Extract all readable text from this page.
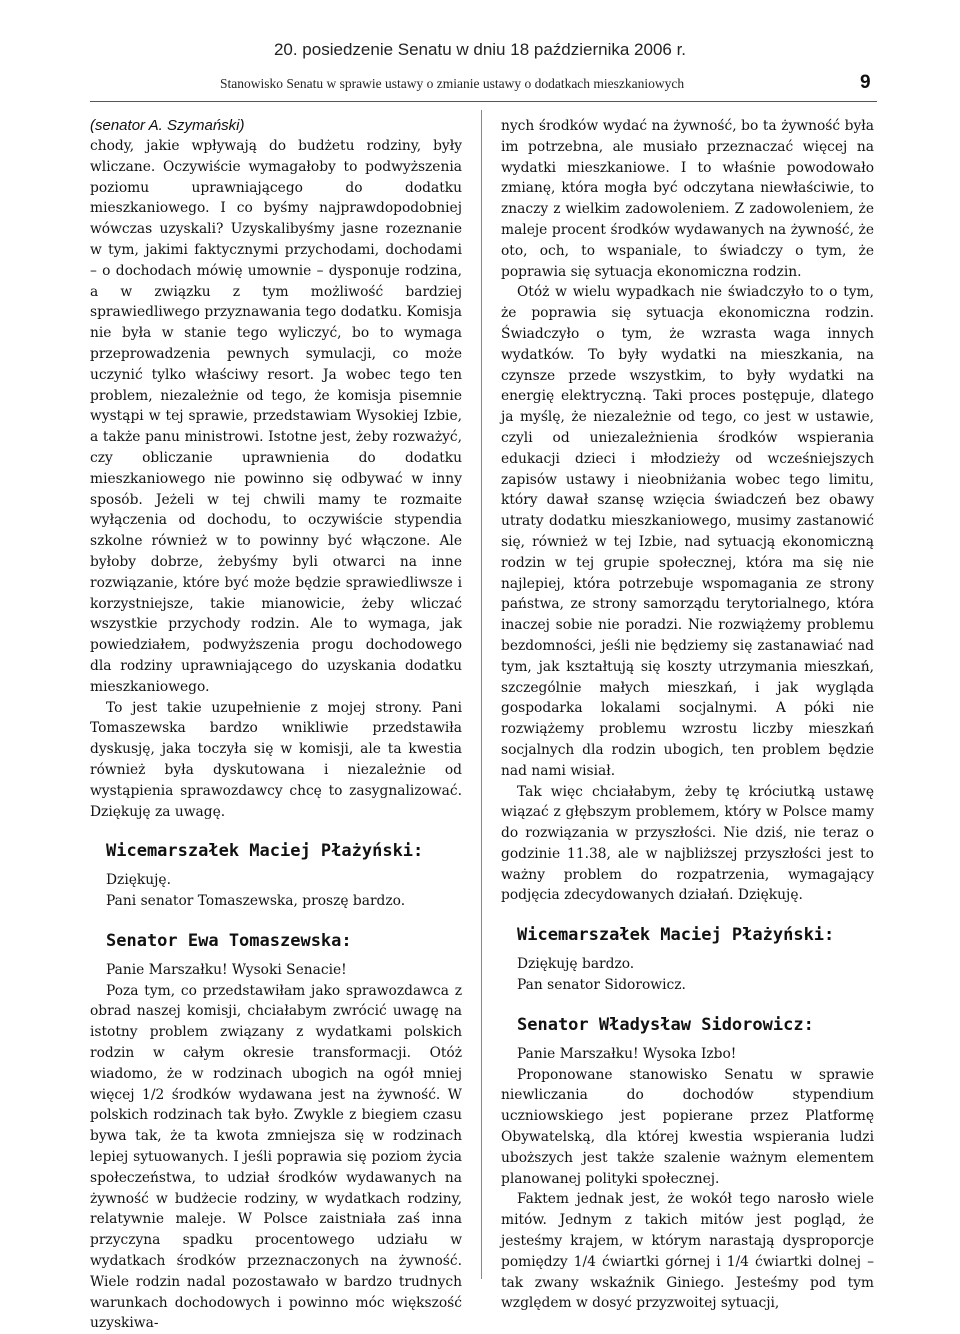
20. posiedzenie Senatu w dniu 18 października 2006 r.
Stanowisko Senatu w sprawie ustawy o zmianie ustawy o dodatkach mieszkaniowych	9

(senator A. Szymański)

chody, jakie wpływają do budżetu rodziny, były wliczane. Oczywiście wymagałoby to podwyższenia poziomu uprawniającego do dodatku mieszkaniowego. I co byśmy najprawdopodobniej wówczas uzyskali? Uzyskalibyśmy jasne rozeznanie w tym, jakimi faktycznymi przychodami, dochodami – o dochodach mówię umownie – dysponuje rodzina, a w związku z tym możliwość bardziej sprawiedliwego przyznawania tego dodatku. Komisja nie była w stanie tego wyliczyć, bo to wymaga przeprowadzenia pewnych symulacji, co może uczynić tylko właściwy resort. Ja wobec tego ten problem, niezależnie od tego, że komisja pisemnie wystąpi w tej sprawie, przedstawiam Wysokiej Izbie, a także panu ministrowi. Istotne jest, żeby rozważyć, czy obliczanie uprawnienia do dodatku mieszkaniowego nie powinno się odbywać w inny sposób. Jeżeli w tej chwili mamy te rozmaite wyłączenia od dochodu, to oczywiście stypendia szkolne również w to powinny być włączone. Ale byłoby dobrze, żebyśmy byli otwarci na inne rozwiązanie, które być może będzie sprawiedliwsze i korzystniejsze, takie mianowicie, żeby wliczać wszystkie przychody rodzin. Ale to wymaga, jak powiedziałem, podwyższenia progu dochodowego dla rodziny uprawniającego do uzyskania dodatku mieszkaniowego.

To jest takie uzupełnienie z mojej strony. Pani Tomaszewska bardzo wnikliwie przedstawiła dyskusję, jaka toczyła się w komisji, ale ta kwestia również była dyskutowana i niezależnie od wystąpienia sprawozdawcy chcę to zasygnalizować. Dziękuję za uwagę.

Wicemarszałek Maciej Płażyński:

Dziękuję.

Pani senator Tomaszewska, proszę bardzo.

Senator Ewa Tomaszewska:

Panie Marszałku! Wysoki Senacie!

Poza tym, co przedstawiłam jako sprawozdawca z obrad naszej komisji, chciałabym zwrócić uwagę na istotny problem związany z wydatkami polskich rodzin w całym okresie transformacji. Otóż wiadomo, że w rodzinach ubogich na ogół mniej więcej 1/2 środków wydawana jest na żywność. W polskich rodzinach tak było. Zwykle z biegiem czasu bywa tak, że ta kwota zmniejsza się w rodzinach lepiej sytuowanych. I jeśli poprawia się poziom życia społeczeństwa, to udział środków wydawanych na żywność w budżecie rodziny, w wydatkach rodziny, relatywnie maleje. W Polsce zaistniała zaś inna przyczyna spadku procentowego udziału w wydatkach środków przeznaczonych na żywność. Wiele rodzin nadal pozostawało w bardzo trudnych warunkach dochodowych i powinno móc większość uzyskiwa-

nych środków wydać na żywność, bo ta żywność była im potrzebna, ale musiało przeznaczać więcej na wydatki mieszkaniowe. I to właśnie powodowało zmianę, która mogła być odczytana niewłaściwie, to znaczy z wielkim zadowoleniem. Z zadowoleniem, że maleje procent środków wydawanych na żywność, że oto, och, to wspaniale, to świadczy o tym, że poprawia się sytuacja ekonomiczna rodzin.

Otóż w wielu wypadkach nie świadczyło to o tym, że poprawia się sytuacja ekonomiczna rodzin. Świadczyło o tym, że wzrasta waga innych wydatków. To były wydatki na mieszkania, na czynsze przede wszystkim, to były wydatki na energię elektryczną. Taki proces postępuje, dlatego ja myślę, że niezależnie od tego, co jest w ustawie, czyli od uniezależnienia środków wspierania edukacji dzieci i młodzieży od wcześniejszych zapisów ustawy i nieobniżania wobec tego limitu, który dawał szansę wzięcia świadczeń bez obawy utraty dodatku mieszkaniowego, musimy zastanowić się, również w tej Izbie, nad sytuacją ekonomiczną rodzin w tej grupie społecznej, która ma się nie najlepiej, która potrzebuje wspomagania ze strony państwa, ze strony samorządu terytorialnego, która inaczej sobie nie poradzi. Nie rozwiążemy problemu bezdomności, jeśli nie będziemy się zastanawiać nad tym, jak kształtują się koszty utrzymania mieszkań, szczególnie małych mieszkań, i jak wygląda gospodarka lokalami socjalnymi. A póki nie rozwiążemy problemu wzrostu liczby mieszkań socjalnych dla rodzin ubogich, ten problem będzie nad nami wisiał.

Tak więc chciałabym, żeby tę króciutką ustawę wiązać z głębszym problemem, który w Polsce mamy do rozwiązania w przyszłości. Nie dziś, nie teraz o godzinie 11.38, ale w najbliższej przyszłości jest to ważny problem do rozpatrzenia, wymagający podjęcia zdecydowanych działań. Dziękuję.

Wicemarszałek Maciej Płażyński:

Dziękuję bardzo.

Pan senator Sidorowicz.

Senator Władysław Sidorowicz:

Panie Marszałku! Wysoka Izbo!

Proponowane stanowisko Senatu w sprawie niewliczania do dochodów stypendium uczniowskiego jest popierane przez Platformę Obywatelską, dla której kwestia wspierania ludzi uboższych jest także szalenie ważnym elementem planowanej polityki społecznej.

Faktem jednak jest, że wokół tego narosło wiele mitów. Jednym z takich mitów jest pogląd, że jesteśmy krajem, w którym narastają dysproporcje pomiędzy 1/4 ćwiartki górnej i 1/4 ćwiartki dolnej – tak zwany wskaźnik Giniego. Jesteśmy pod tym względem w dosyć przyzwoitej sytuacji,
